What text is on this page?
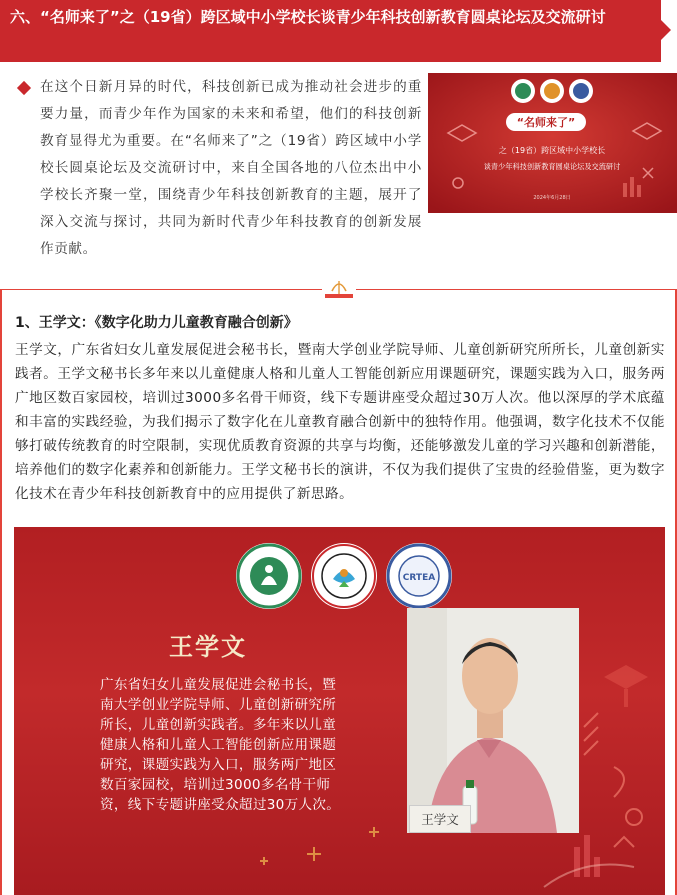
六、“名师来了”之（19省）跨区域中小学校长谈青少年科技创新教育圆桌论坛及交流研讨

在这个日新月异的时代，科技创新已成为推动社会进步的重要力量，而青少年作为国家的未来和希望，他们的科技创新教育显得尤为重要。在“名师来了”之（19省）跨区域中小学校长圆桌论坛及交流研讨中，来自全国各地的八位杰出中小学校长齐聚一堂，围绕青少年科技创新教育的主题，展开了深入交流与探讨，共同为新时代青少年科技教育的创新发展作贡献。

“名师来了”
之（19省）跨区域中小学校长
谈青少年科技创新教育圆桌论坛及交流研讨
2024年6月28日
1、王学文：《数字化助力儿童教育融合创新》

王学文，广东省妇女儿童发展促进会秘书长，暨南大学创业学院导师、儿童创新研究所所长，儿童创新实践者。王学文秘书长多年来以儿童健康人格和儿童人工智能创新应用课题研究，课题实践为入口，服务两广地区数百家园校，培训过3000多名骨干师资，线下专题讲座受众超过30万人次。他以深厚的学术底蕴和丰富的实践经验，为我们揭示了数字化在儿童教育融合创新中的独特作用。他强调，数字化技术不仅能够打破传统教育的时空限制，实现优质教育资源的共享与均衡，还能够激发儿童的学习兴趣和创新潜能，培养他们的数字化素养和创新能力。王学文秘书长的演讲，不仅为我们提供了宝贵的经验借鉴，更为数字化技术在青少年科技创新教育中的应用提供了新思路。

CRTEA
王学文

广东省妇女儿童发展促进会秘书长，暨南大学创业学院导师、儿童创新研究所所长，儿童创新实践者。多年来以儿童健康人格和儿童人工智能创新应用课题研究，课题实践为入口，服务两广地区数百家园校，培训过3000多名骨干师资，线下专题讲座受众超过30万人次。

王学文
